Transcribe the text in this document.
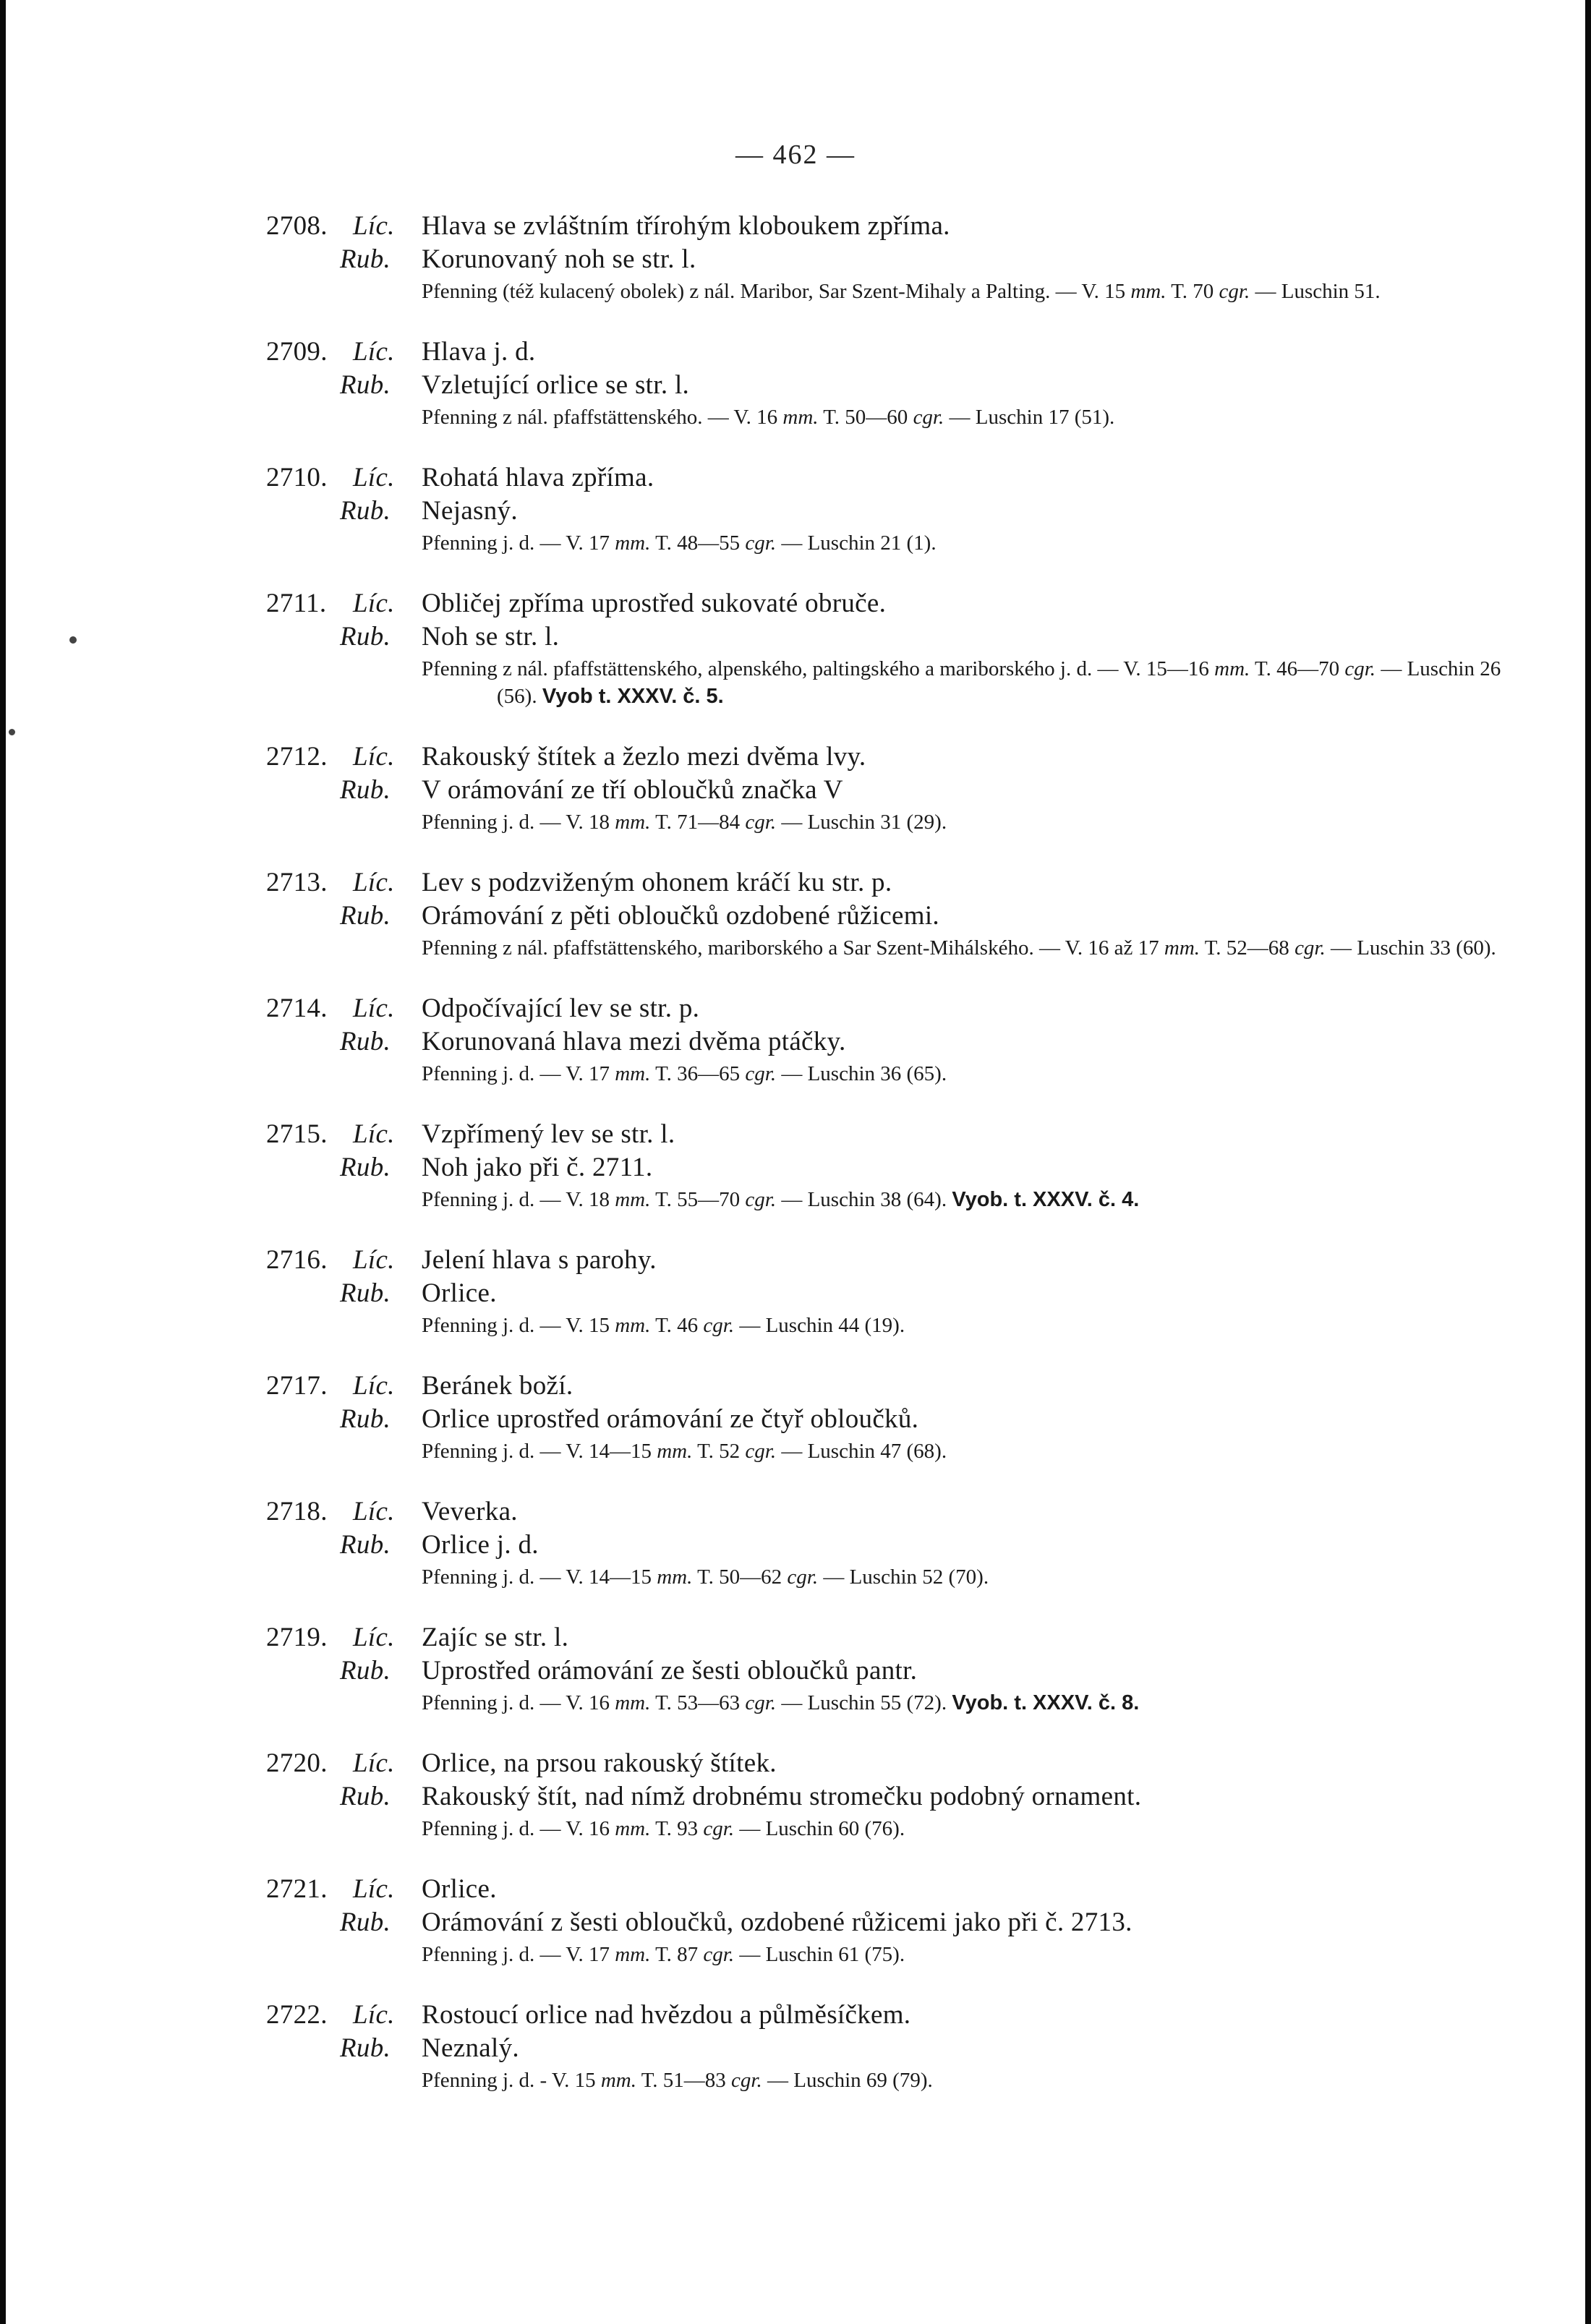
— 462 —
2708. Líc. Hlava se zvláštním třírohým kloboukem zpříma.
Rub. Korunovaný noh se str. l.
Pfenning (též kulacený obolek) z nál. Maribor, Sar Szent-Mihaly a Palting. — V. 15 mm. T. 70 cgr. — Luschin 51.
2709. Líc. Hlava j. d.
Rub. Vzletující orlice se str. l.
Pfenning z nál. pfaffstättenského. — V. 16 mm. T. 50—60 cgr. — Luschin 17 (51).
2710. Líc. Rohatá hlava zpříma.
Rub. Nejasný.
Pfenning j. d. — V. 17 mm. T. 48—55 cgr. — Luschin 21 (1).
2711. Líc. Obličej zpříma uprostřed sukovaté obruče.
Rub. Noh se str. l.
Pfenning z nál. pfaffstättenského, alpenského, paltingského a mariborského j. d. — V. 15—16 mm. T. 46—70 cgr. — Luschin 26 (56). Vyob t. XXXV. č. 5.
2712. Líc. Rakouský štítek a žezlo mezi dvěma lvy.
Rub. V orámování ze tří obloučků značka V
Pfenning j. d. — V. 18 mm. T. 71—84 cgr. — Luschin 31 (29).
2713. Líc. Lev s podzviženým ohonem kráčí ku str. p.
Rub. Orámování z pěti obloučků ozdobené růžicemi.
Pfenning z nál. pfaffstättenského, mariborského a Sar Szent-Mihálského. — V. 16 až 17 mm. T. 52—68 cgr. — Luschin 33 (60).
2714. Líc. Odpočívající lev se str. p.
Rub. Korunovaná hlava mezi dvěma ptáčky.
Pfenning j. d. — V. 17 mm. T. 36—65 cgr. — Luschin 36 (65).
2715. Líc. Vzpřímený lev se str. l.
Rub. Noh jako při č. 2711.
Pfenning j. d. — V. 18 mm. T. 55—70 cgr. — Luschin 38 (64). Vyob. t. XXXV. č. 4.
2716. Líc. Jelení hlava s parohy.
Rub. Orlice.
Pfenning j. d. — V. 15 mm. T. 46 cgr. — Luschin 44 (19).
2717. Líc. Beránek boží.
Rub. Orlice uprostřed orámování ze čtyř obloučků.
Pfenning j. d. — V. 14—15 mm. T. 52 cgr. — Luschin 47 (68).
2718. Líc. Veverka.
Rub. Orlice j. d.
Pfenning j. d. — V. 14—15 mm. T. 50—62 cgr. — Luschin 52 (70).
2719. Líc. Zajíc se str. l.
Rub. Uprostřed orámování ze šesti obloučků pantr.
Pfenning j. d. — V. 16 mm. T. 53—63 cgr. — Luschin 55 (72). Vyob. t. XXXV. č. 8.
2720. Líc. Orlice, na prsou rakouský štítek.
Rub. Rakouský štít, nad nímž drobnému stromečku podobný ornament.
Pfenning j. d. — V. 16 mm. T. 93 cgr. — Luschin 60 (76).
2721. Líc. Orlice.
Rub. Orámování z šesti obloučků, ozdobené růžicemi jako při č. 2713.
Pfenning j. d. — V. 17 mm. T. 87 cgr. — Luschin 61 (75).
2722. Líc. Rostoucí orlice nad hvězdou a půlměsíčkem.
Rub. Neznalý.
Pfenning j. d. - V. 15 mm. T. 51—83 cgr. — Luschin 69 (79).
